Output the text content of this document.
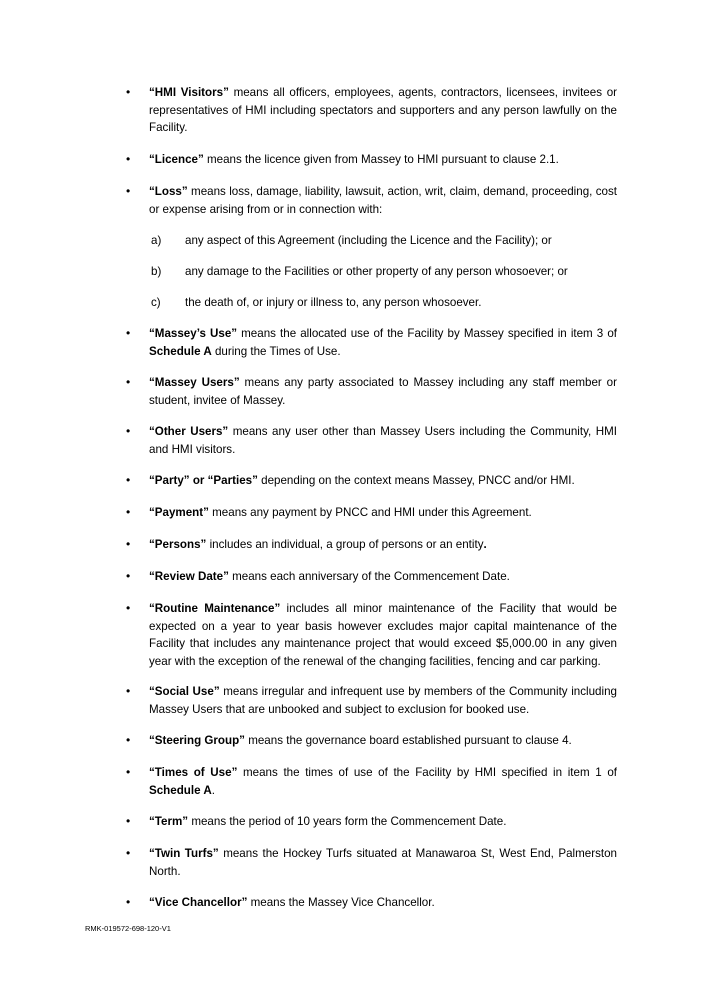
• “HMI Visitors” means all officers, employees, agents, contractors, licensees, invitees or representatives of HMI including spectators and supporters and any person lawfully on the Facility.
• “Licence” means the licence given from Massey to HMI pursuant to clause 2.1.
• “Loss” means loss, damage, liability, lawsuit, action, writ, claim, demand, proceeding, cost or expense arising from or in connection with:
a) any aspect of this Agreement (including the Licence and the Facility); or
b) any damage to the Facilities or other property of any person whosoever; or
c) the death of, or injury or illness to, any person whosoever.
• “Massey’s Use” means the allocated use of the Facility by Massey specified in item 3 of Schedule A during the Times of Use.
• “Massey Users” means any party associated to Massey including any staff member or student, invitee of Massey.
• “Other Users” means any user other than Massey Users including the Community, HMI and HMI visitors.
• “Party” or “Parties” depending on the context means Massey, PNCC and/or HMI.
• “Payment” means any payment by PNCC and HMI under this Agreement.
• “Persons” includes an individual, a group of persons or an entity.
• “Review Date” means each anniversary of the Commencement Date.
• “Routine Maintenance” includes all minor maintenance of the Facility that would be expected on a year to year basis however excludes major capital maintenance of the Facility that includes any maintenance project that would exceed $5,000.00 in any given year with the exception of the renewal of the changing facilities, fencing and car parking.
• “Social Use” means irregular and infrequent use by members of the Community including Massey Users that are unbooked and subject to exclusion for booked use.
• “Steering Group” means the governance board established pursuant to clause 4.
• “Times of Use” means the times of use of the Facility by HMI specified in item 1 of Schedule A.
• “Term” means the period of 10 years form the Commencement Date.
• “Twin Turfs” means the Hockey Turfs situated at Manawaroa St, West End, Palmerston North.
• “Vice Chancellor” means the Massey Vice Chancellor.
RMK-019572-698-120-V1
